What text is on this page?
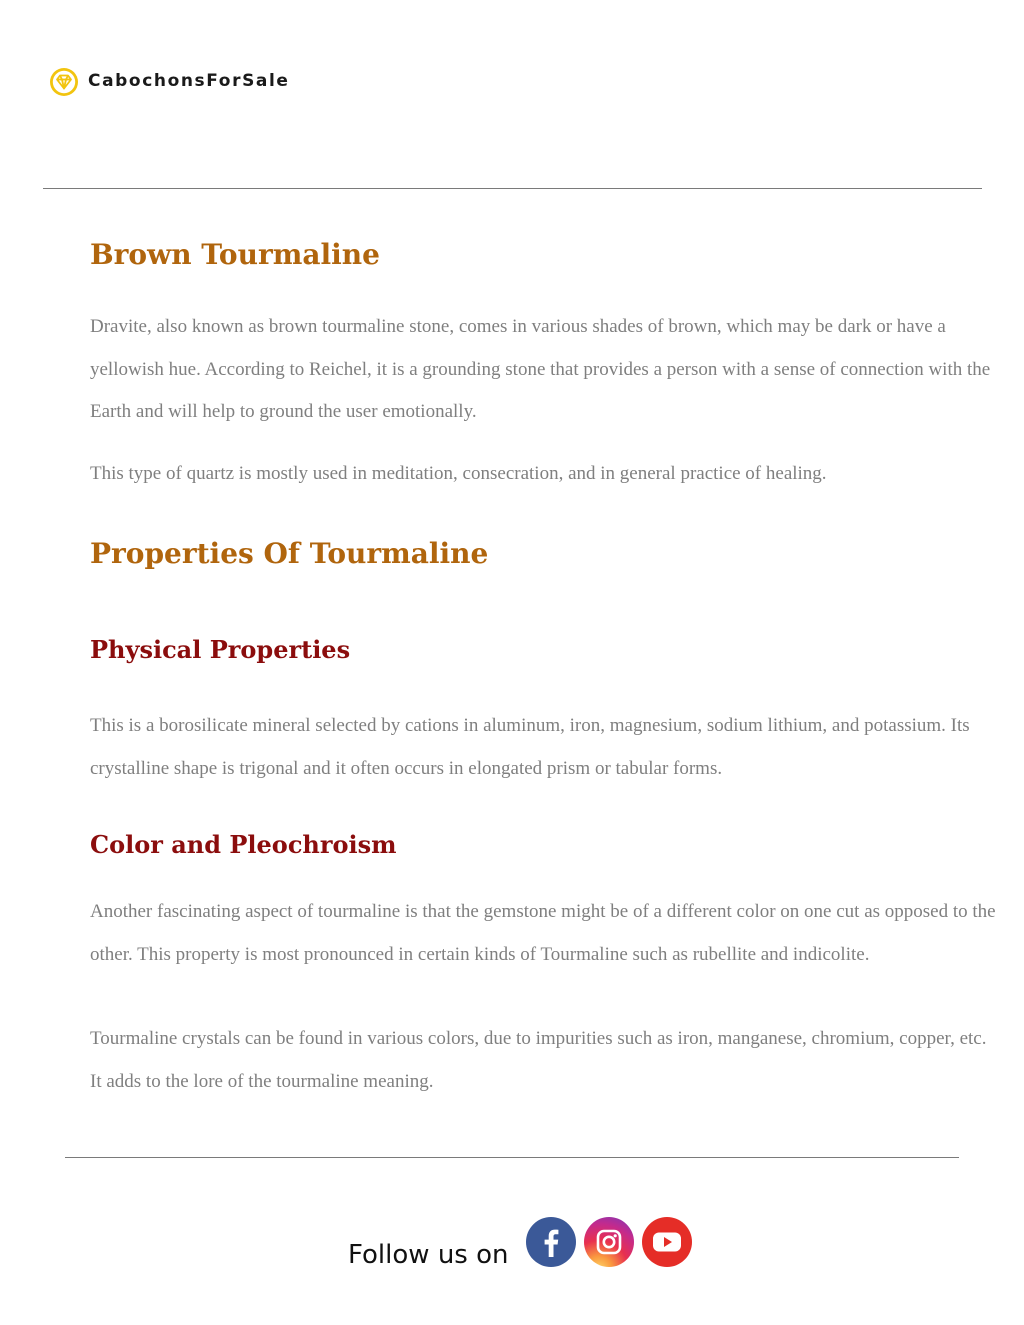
CabochonsForSale
Brown Tourmaline

Dravite, also known as brown tourmaline stone, comes in various shades of brown, which may be dark or have a yellowish hue. According to Reichel, it is a grounding stone that provides a person with a sense of connection with the Earth and will help to ground the user emotionally.

This type of quartz is mostly used in meditation, consecration, and in general practice of healing.

Properties Of Tourmaline
Physical Properties

This is a borosilicate mineral selected by cations in aluminum, iron, magnesium, sodium lithium, and potassium. Its crystalline shape is trigonal and it often occurs in elongated prism or tabular forms.

Color and Pleochroism

Another fascinating aspect of tourmaline is that the gemstone might be of a different color on one cut as opposed to the other. This property is most pronounced in certain kinds of Tourmaline such as rubellite and indicolite.

Tourmaline crystals can be found in various colors, due to impurities such as iron, manganese, chromium, copper, etc. It adds to the lore of the tourmaline meaning.

Follow us on
